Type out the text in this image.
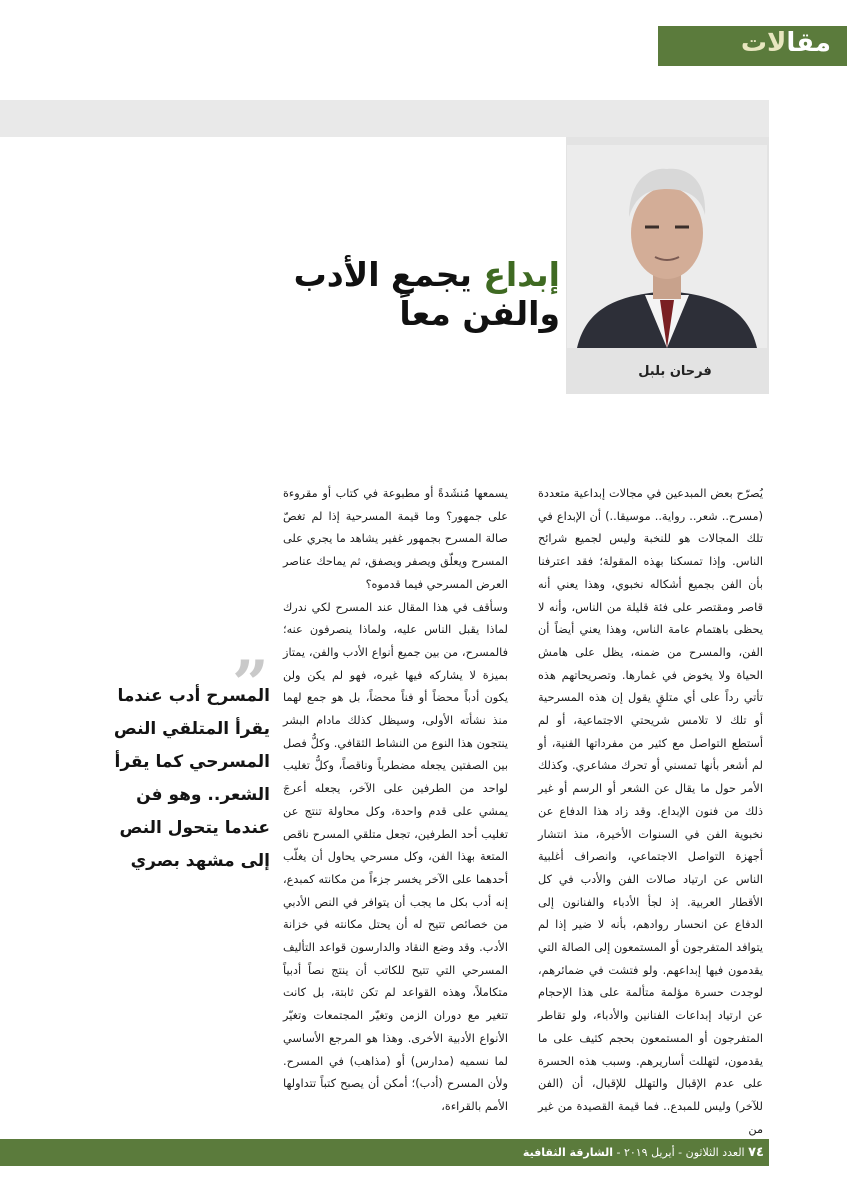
مقالات
فرحان بلبل
إبداع يجمع الأدب والفن معاً

يُصرّح بعض المبدعين في مجالات إبداعية متعددة (مسرح.. شعر.. رواية.. موسيقا..) أن الإبداع في تلك المجالات هو للنخبة وليس لجميع شرائح الناس. وإذا تمسكنا بهذه المقولة؛ فقد اعترفنا بأن الفن بجميع أشكاله نخبوي، وهذا يعني أنه قاصر ومقتصر على فئة قليلة من الناس، وأنه لا يحظى باهتمام عامة الناس، وهذا يعني أيضاً أن الفن، والمسرح من ضمنه، يظل على هامش الحياة ولا يخوض في غمارها. وتصريحاتهم هذه تأتي رداً على أي متلقٍ يقول إن هذه المسرحية أو تلك لا تلامس شريحتي الاجتماعية، أو لم أستطع التواصل مع كثير من مفرداتها الفنية، أو لم أشعر بأنها تمسني أو تحرك مشاعري. وكذلك الأمر حول ما يقال عن الشعر أو الرسم أو غير ذلك من فنون الإبداع. وقد زاد هذا الدفاع عن نخبوية الفن في السنوات الأخيرة، منذ انتشار أجهزة التواصل الاجتماعي، وانصراف أغلبية الناس عن ارتياد صالات الفن والأدب في كل الأقطار العربية. إذ لجأ الأدباء والفنانون إلى الدفاع عن انحسار روادهم، بأنه لا ضير إذا لم يتوافد المتفرجون أو المستمعون إلى الصالة التي يقدمون فيها إبداعهم. ولو فتشت في ضمائرهم، لوجدت حسرة مؤلمة متألمة على هذا الإحجام عن ارتياد إبداعات الفنانين والأدباء، ولو تقاطر المتفرجون أو المستمعون بحجم كثيف على ما يقدمون، لتهللت أساريرهم. وسبب هذه الحسرة على عدم الإقبال والتهلل للإقبال، أن (الفن للآخر) وليس للمبدع.. فما قيمة القصيدة من غير من

يسمعها مُنشَدةً أو مطبوعة في كتاب أو مقروءة على جمهور؟ وما قيمة المسرحية إذا لم تغصّ صالة المسرح بجمهور غفير يشاهد ما يجري على المسرح ويعلّق ويصفر ويصفق، ثم يماحك عناصر العرض المسرحي فيما قدموه؟

وسأقف في هذا المقال عند المسرح لكي ندرك لماذا يقبل الناس عليه، ولماذا ينصرفون عنه؛ فالمسرح، من بين جميع أنواع الأدب والفن، يمتاز بميزة لا يشاركه فيها غيره، فهو لم يكن ولن يكون أدباً محضاً أو فناً محضاً، بل هو جمع لهما منذ نشأته الأولى، وسيظل كذلك مادام البشر ينتجون هذا النوع من النشاط الثقافي. وكلُّ فصل بين الصفتين يجعله مضطرباً وناقصاً، وكلُّ تغليب لواحد من الطرفين على الآخر، يجعله أعرجَ يمشي على قدم واحدة، وكل محاولة تنتج عن تغليب أحد الطرفين، تجعل متلقي المسرح ناقص المتعة بهذا الفن، وكل مسرحي يحاول أن يغلّب أحدهما على الآخر يخسر جزءاً من مكانته كمبدع، إنه أدب بكل ما يجب أن يتوافر في النص الأدبي من خصائص تتيح له أن يحتل مكانته في خزانة الأدب. وقد وضع النقاد والدارسون قواعد التأليف المسرحي التي تتيح للكاتب أن ينتج نصاً أدبياً متكاملاً، وهذه القواعد لم تكن ثابتة، بل كانت تتغير مع دوران الزمن وتغيّر المجتمعات وتغيّر الأنواع الأدبية الأخرى. وهذا هو المرجع الأساسي لما نسميه (مدارس) أو (مذاهب) في المسرح. ولأن المسرح (أدب)؛ أمكن أن يصبح كتباً تتداولها الأمم بالقراءة،

”
المسرح أدب عندما يقرأ المتلقي النص المسرحي كما يقرأ الشعر.. وهو فن عندما يتحول النص إلى مشهد بصري
٧٤ العدد الثلاثون - أيريل ٢٠١٩ - الشارقة الثقافية
